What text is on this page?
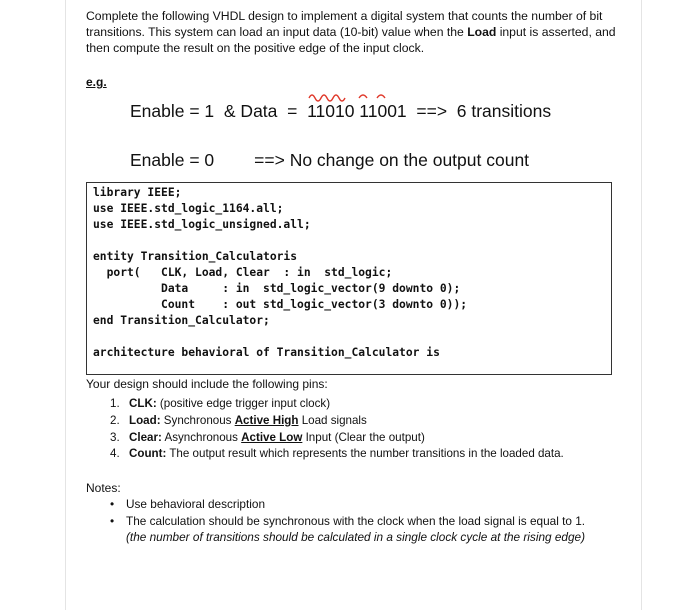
Complete the following VHDL design to implement a digital system that counts the number of bit transitions. This system can load an input data (10-bit) value when the Load input is asserted, and then compute the result on the positive edge of the input clock.

e.g.
Enable = 1  & Data  =
11010 11001  ==>  6 transitions
Enable = 0 ==> No change on the output count
library IEEE;
use IEEE.std_logic_1164.all;
use IEEE.std_logic_unsigned.all;
entity Transition_Calculatoris
port(   CLK, Load, Clear  : in  std_logic;
Data     : in  std_logic_vector(9 downto 0);
Count    : out std_logic_vector(3 downto 0));
end Transition_Calculator;
architecture behavioral of Transition_Calculator is
Your design should include the following pins:
1. CLK: (positive edge trigger input clock)
2. Load: Synchronous Active High Load signals
3. Clear: Asynchronous Active Low Input (Clear the output)
4. Count: The output result which represents the number transitions in the loaded data.
Notes:
• Use behavioral description
• The calculation should be synchronous with the clock when the load signal is equal to 1.
(the number of transitions should be calculated in a single clock cycle at the rising edge)
